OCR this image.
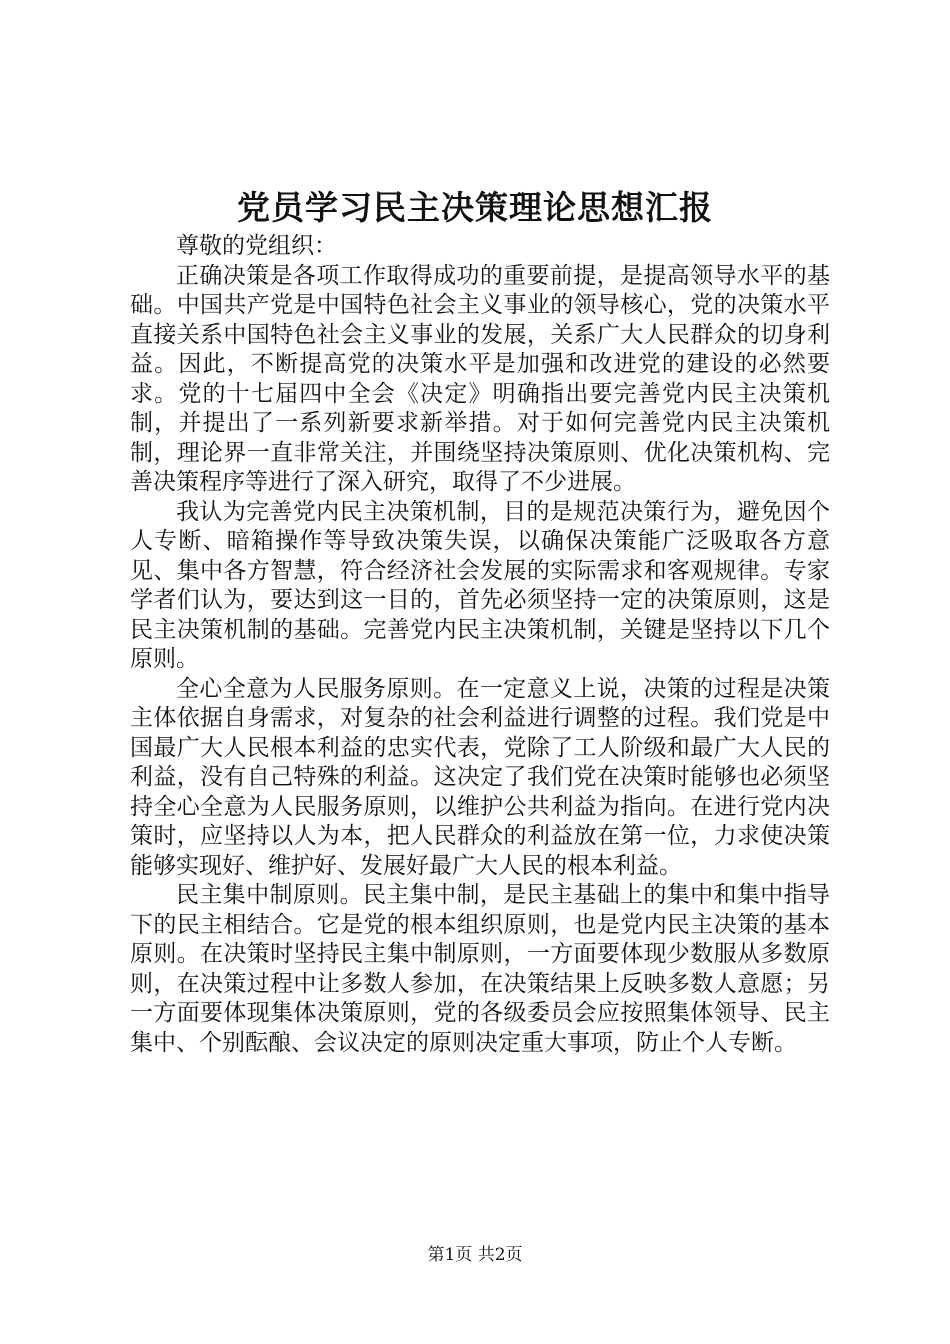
党员学习民主决策理论思想汇报

尊敬的党组织：

正确决策是各项工作取得成功的重要前提，是提高领导水平的基础。中国共产党是中国特色社会主义事业的领导核心，党的决策水平直接关系中国特色社会主义事业的发展，关系广大人民群众的切身利益。因此，不断提高党的决策水平是加强和改进党的建设的必然要求。党的十七届四中全会《决定》明确指出要完善党内民主决策机制，并提出了一系列新要求新举措。对于如何完善党内民主决策机制，理论界一直非常关注，并围绕坚持决策原则、优化决策机构、完善决策程序等进行了深入研究，取得了不少进展。

我认为完善党内民主决策机制，目的是规范决策行为，避免因个人专断、暗箱操作等导致决策失误，以确保决策能广泛吸取各方意见、集中各方智慧，符合经济社会发展的实际需求和客观规律。专家学者们认为，要达到这一目的，首先必须坚持一定的决策原则，这是民主决策机制的基础。完善党内民主决策机制，关键是坚持以下几个原则。

全心全意为人民服务原则。在一定意义上说，决策的过程是决策主体依据自身需求，对复杂的社会利益进行调整的过程。我们党是中国最广大人民根本利益的忠实代表，党除了工人阶级和最广大人民的利益，没有自己特殊的利益。这决定了我们党在决策时能够也必须坚持全心全意为人民服务原则，以维护公共利益为指向。在进行党内决策时，应坚持以人为本，把人民群众的利益放在第一位，力求使决策能够实现好、维护好、发展好最广大人民的根本利益。

民主集中制原则。民主集中制，是民主基础上的集中和集中指导下的民主相结合。它是党的根本组织原则，也是党内民主决策的基本原则。在决策时坚持民主集中制原则，一方面要体现少数服从多数原则，在决策过程中让多数人参加，在决策结果上反映多数人意愿；另一方面要体现集体决策原则，党的各级委员会应按照集体领导、民主集中、个别酝酿、会议决定的原则决定重大事项，防止个人专断。

第1页 共2页
